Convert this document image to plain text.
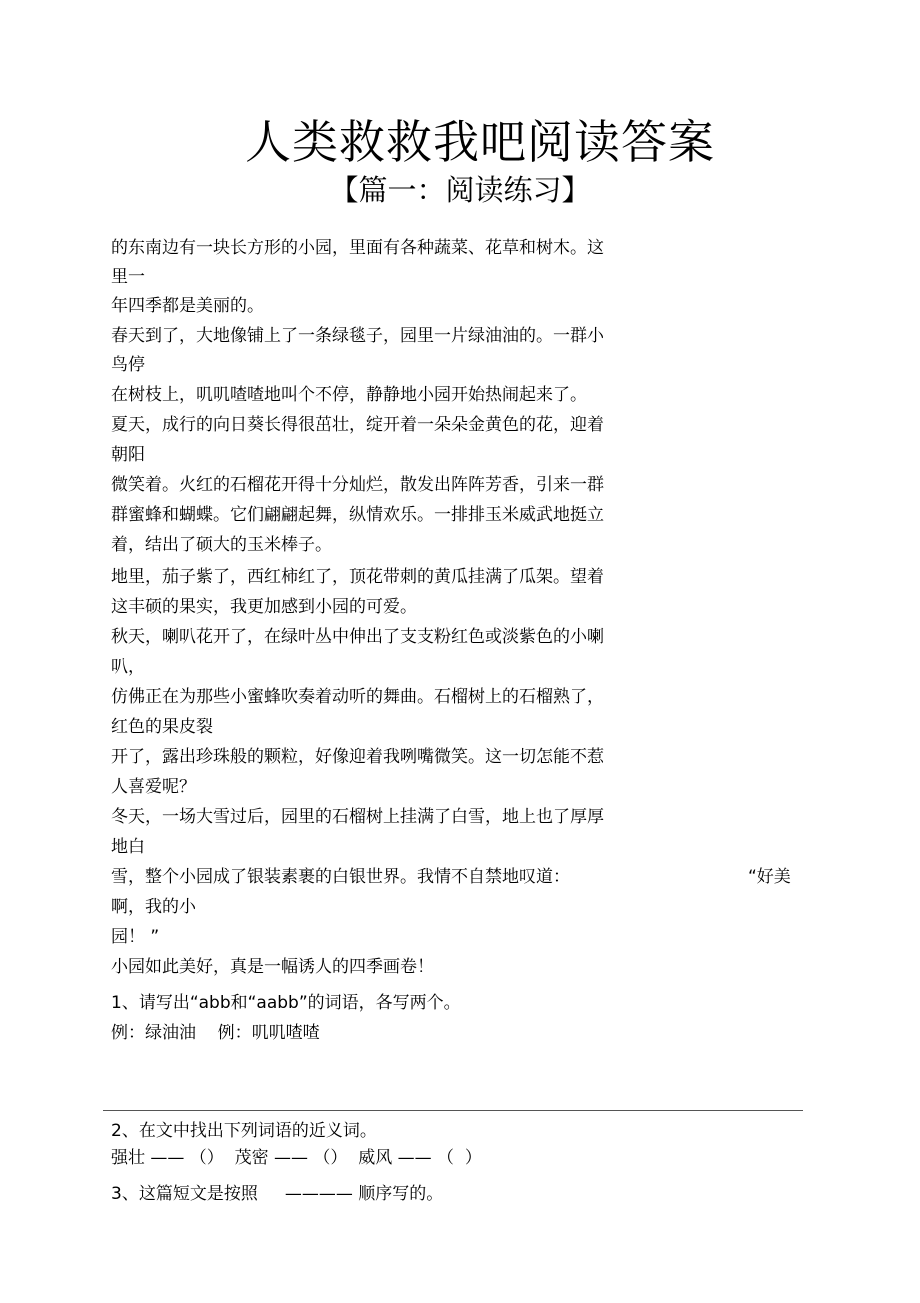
人类救救我吧阅读答案
【篇一：阅读练习】
的东南边有一块长方形的小园，里面有各种蔬菜、花草和树木。这
里一
年四季都是美丽的。
春天到了，大地像铺上了一条绿毯子，园里一片绿油油的。一群小
鸟停
在树枝上，叽叽喳喳地叫个不停，静静地小园开始热闹起来了。
夏天，成行的向日葵长得很茁壮，绽开着一朵朵金黄色的花，迎着
朝阳
微笑着。火红的石榴花开得十分灿烂，散发出阵阵芳香，引来一群
群蜜蜂和蝴蝶。它们翩翩起舞，纵情欢乐。一排排玉米威武地挺立
着，结出了硕大的玉米棒子。
地里，茄子紫了，西红柿红了，顶花带刺的黄瓜挂满了瓜架。望着
这丰硕的果实，我更加感到小园的可爱。
秋天，喇叭花开了，在绿叶丛中伸出了支支粉红色或淡紫色的小喇
叭，
仿佛正在为那些小蜜蜂吹奏着动听的舞曲。石榴树上的石榴熟了，
红色的果皮裂
开了，露出珍珠般的颗粒，好像迎着我咧嘴微笑。这一切怎能不惹
人喜爱呢？
冬天，一场大雪过后，园里的石榴树上挂满了白雪，地上也了厚厚
地白
雪，整个小园成了银装素裹的白银世界。我情不自禁地叹道：	“好美
啊，我的小
园！ ”
小园如此美好，真是一幅诱人的四季画卷！
1、请写出“abb和“aabb”的词语，各写两个。
例：绿油油    例：叽叽喳喳
2、在文中找出下列词语的近义词。
强壮 —— （）  茂密 —— （）  威风 —— （  ）
3、这篇短文是按照     ———— 顺序写的。
